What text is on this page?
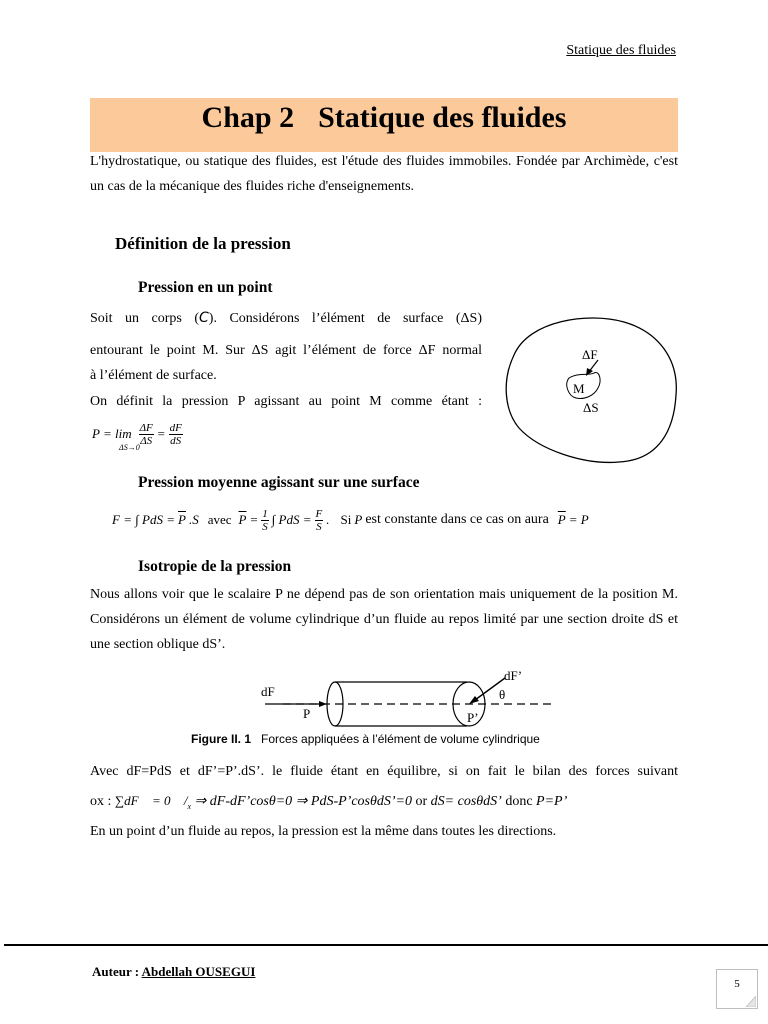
Statique des fluides
Chap 2 Statique des fluides
L'hydrostatique, ou statique des fluides, est l'étude des fluides immobiles. Fondée par Archimède, c'est un cas de la mécanique des fluides riche d'enseignements.
Définition de la pression
Pression en un point
Soit un corps (C). Considérons l’élément de surface (ΔS)
entourant le point M. Sur ΔS agit l’élément de force ΔF normal
à l’élément de surface.
On définit la pression P agissant au point M comme étant :
P = lim
ΔS→0
$\frac{\Delta F}{\Delta S} = \frac{dF}{dS}$
ΔF
M
ΔS
Pression moyenne agissant sur une surface
F = ∫ PdS = $\overline{P}$ .S avec $\overline{P} = \frac{1}{S}$ ∫ PdS = $\frac{F}{S}$ . Si P est constante dans ce cas on aura $\overline{P} = P$
Isotropie de la pression
Nous allons voir que le scalaire P ne dépend pas de son orientation mais uniquement de la position M. Considérons un élément de volume cylindrique d’un fluide au repos limité par une section droite dS et une section oblique dS’.
dF
P
dF’
θ
P’
Figure II. 1 Forces appliquées à l’élément de volume cylindrique
Avec dF=PdS et dF’=P’.dS’. le fluide étant en équilibre, si on fait le bilan des forces suivant
ox : ∑dF⃗ = 0⃗ $/_x$ ⇒ dF-dF’cosθ=0 ⇒ PdS-P’cosθdS’=0 or dS= cosθdS’ donc P=P’
En un point d’un fluide au repos, la pression est la même dans toutes les directions.
Auteur : Abdellah OUSEGUI
5
